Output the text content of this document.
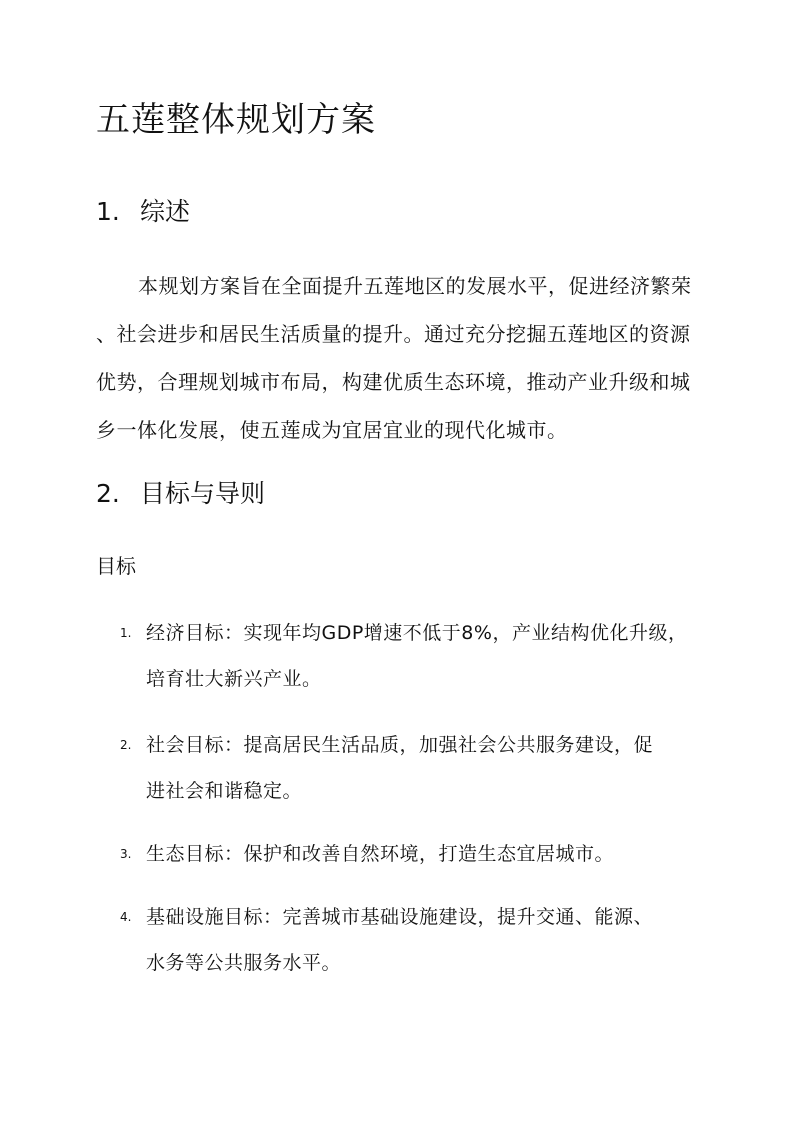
五莲整体规划方案
1. 综述

本规划方案旨在全面提升五莲地区的发展水平，促进经济繁荣
、社会进步和居民生活质量的提升。通过充分挖掘五莲地区的资源
优势，合理规划城市布局，构建优质生态环境，推动产业升级和城
乡一体化发展，使五莲成为宜居宜业的现代化城市。

2. 目标与导则
目标
1. 经济目标：实现年均GDP增速不低于8%，产业结构优化升级，
培育壮大新兴产业。
2. 社会目标：提高居民生活品质，加强社会公共服务建设，促
进社会和谐稳定。
3. 生态目标：保护和改善自然环境，打造生态宜居城市。
4. 基础设施目标：完善城市基础设施建设，提升交通、能源、
水务等公共服务水平。
